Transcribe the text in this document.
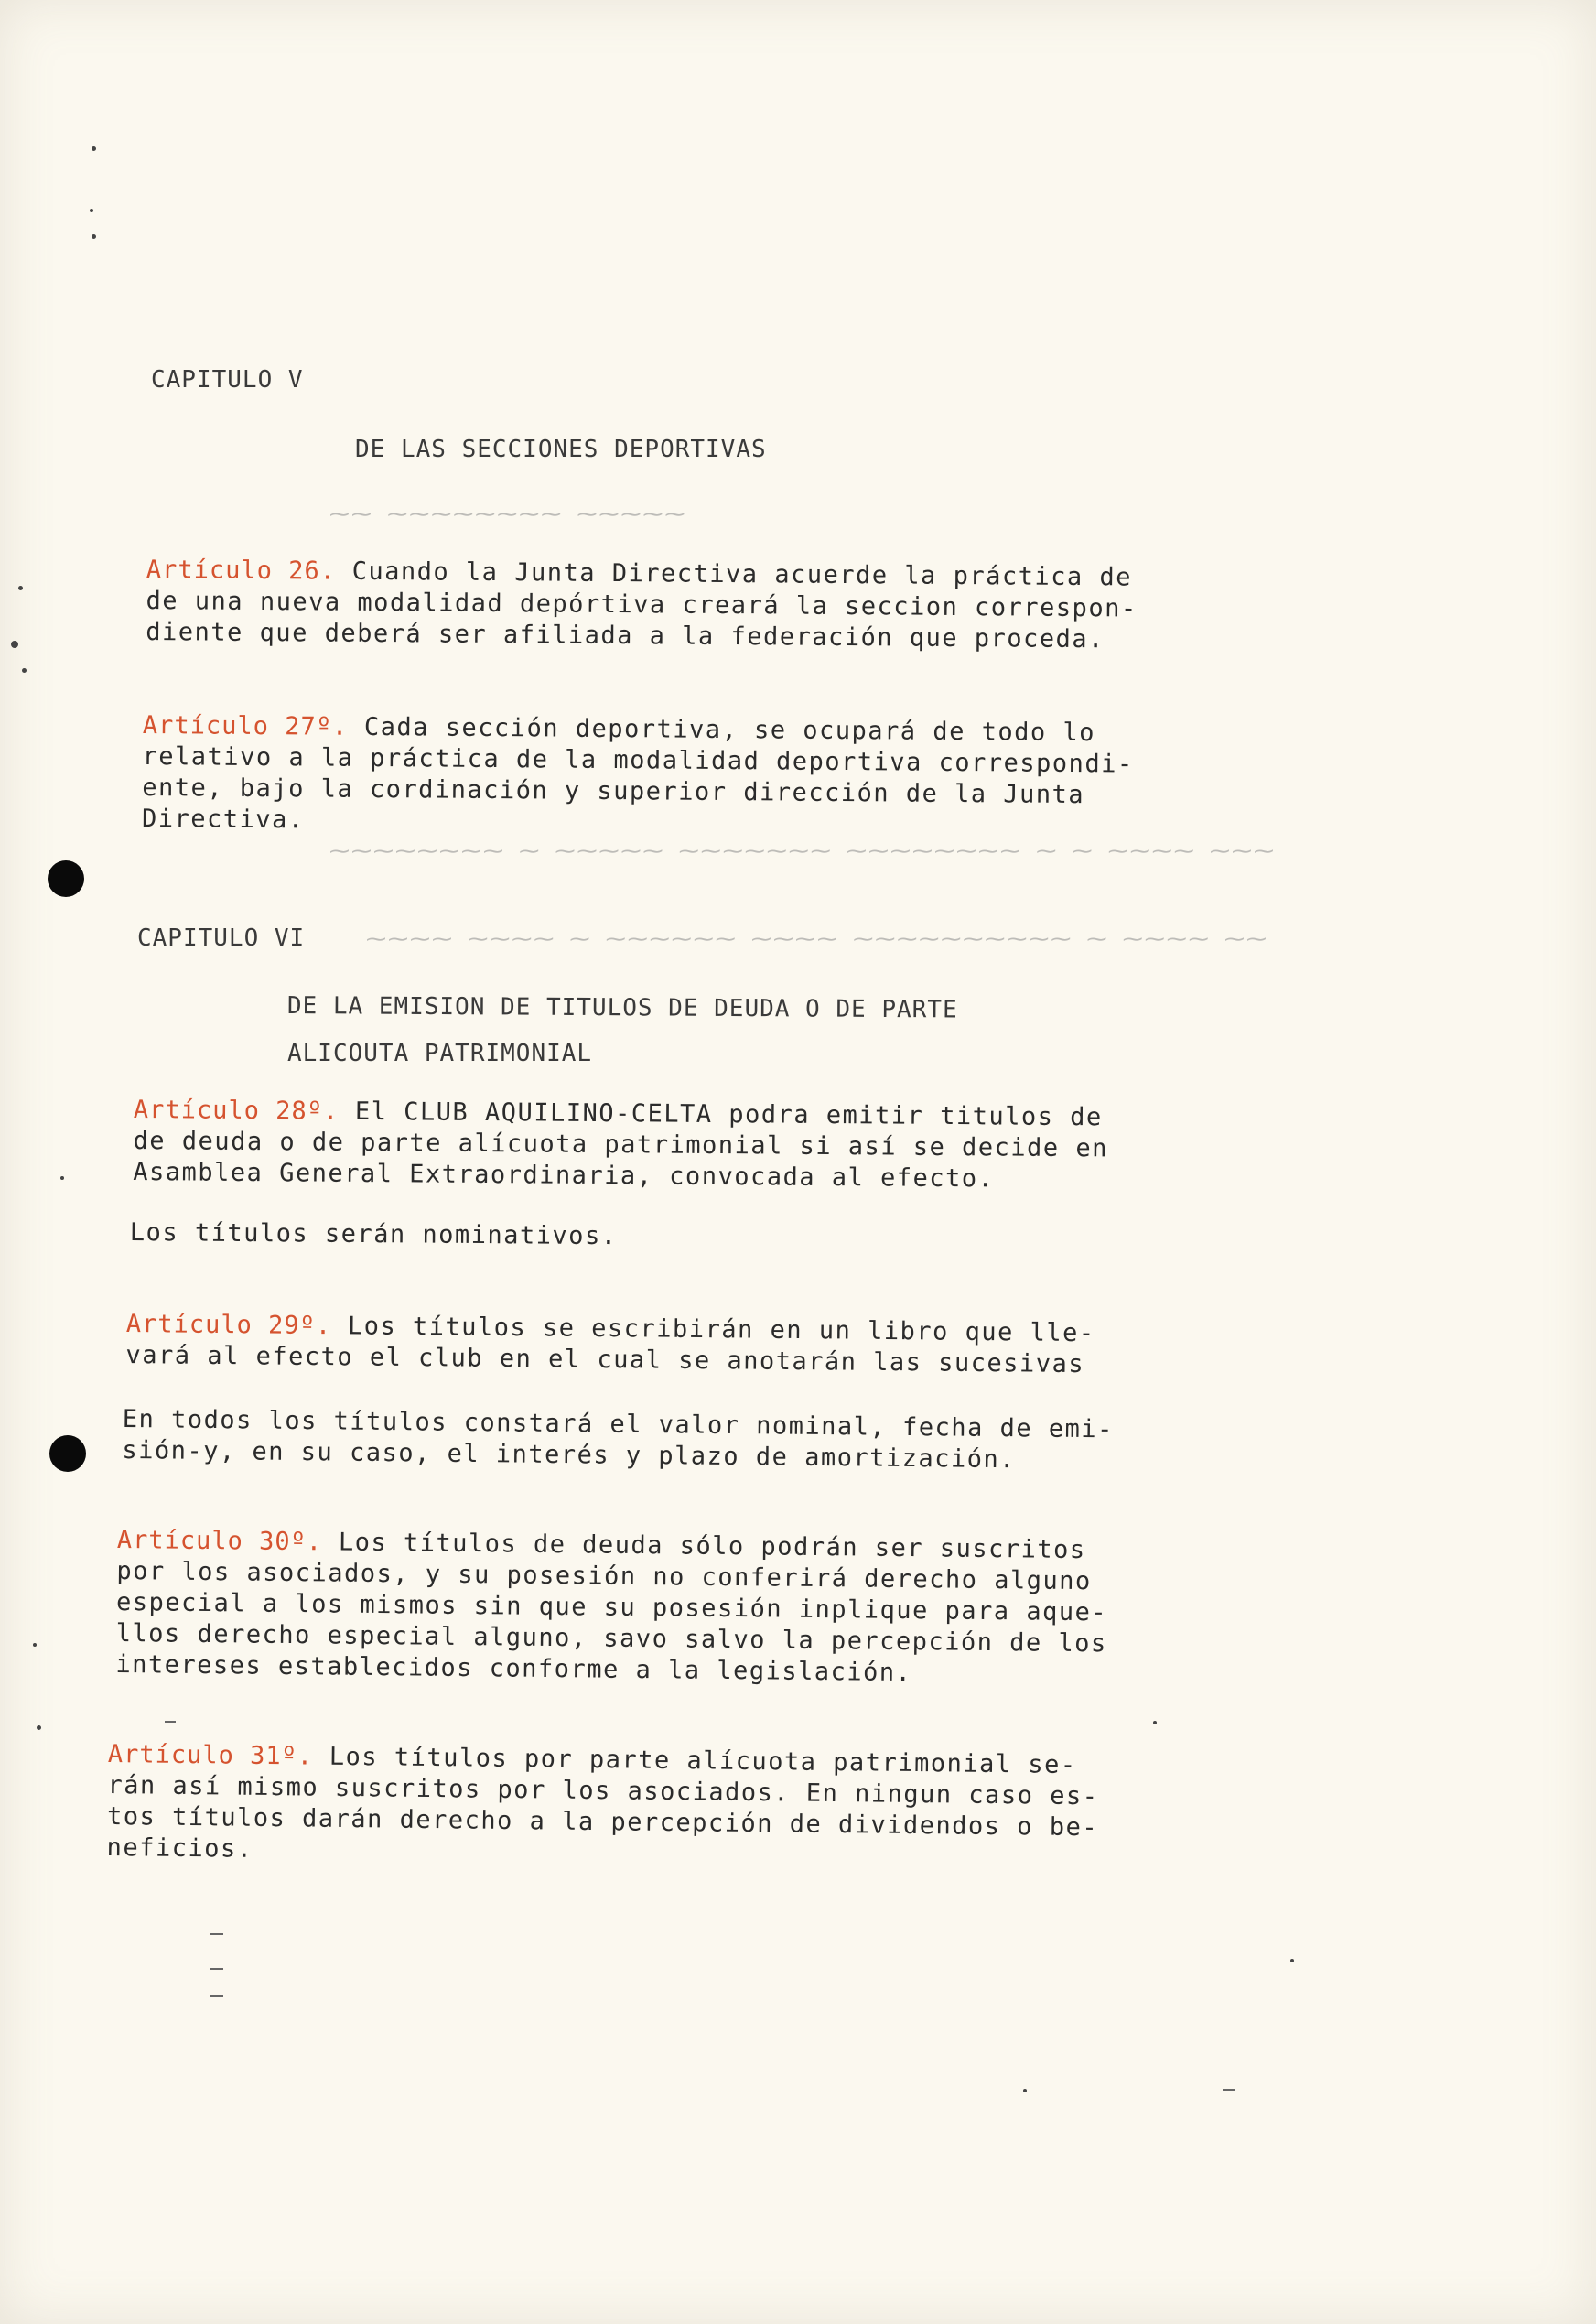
⁓⁓ ⁓⁓⁓⁓⁓⁓⁓⁓ ⁓⁓⁓⁓⁓
⁓⁓⁓⁓⁓⁓⁓⁓ ⁓ ⁓⁓⁓⁓⁓ ⁓⁓⁓⁓⁓⁓⁓ ⁓⁓⁓⁓⁓⁓⁓⁓ ⁓ ⁓ ⁓⁓⁓⁓ ⁓⁓⁓
⁓⁓⁓⁓ ⁓⁓⁓⁓ ⁓ ⁓⁓⁓⁓⁓⁓ ⁓⁓⁓⁓ ⁓⁓⁓⁓⁓⁓⁓⁓⁓⁓ ⁓ ⁓⁓⁓⁓ ⁓⁓
CAPITULO V
DE LAS SECCIONES DEPORTIVAS
Artículo 26. Cuando la Junta Directiva acuerde la práctica de
de una nueva modalidad depórtiva creará la seccion correspon-
diente que deberá ser afiliada a la federación que proceda.
Artículo 27º. Cada sección deportiva, se ocupará de todo lo
relativo a la práctica de la modalidad deportiva correspondi-
ente, bajo la cordinación y superior dirección de la Junta
Directiva.
CAPITULO VI
DE LA EMISION DE TITULOS DE DEUDA O DE PARTE
ALICOUTA PATRIMONIAL
Artículo 28º. El CLUB AQUILINO-CELTA podra emitir titulos de
de deuda o de parte alícuota patrimonial si así se decide en
Asamblea General Extraordinaria, convocada al efecto.
Los títulos serán nominativos.
Artículo 29º. Los títulos se escribirán en un libro que lle-
vará al efecto el club en el cual se anotarán las sucesivas
En todos los títulos constará el valor nominal, fecha de emi-
sión-y, en su caso, el interés y plazo de amortización.
Artículo 30º. Los títulos de deuda sólo podrán ser suscritos
por los asociados, y su posesión no conferirá derecho alguno
especial a los mismos sin que su posesión inplique para aque-
llos derecho especial alguno, savo salvo la percepción de los
intereses establecidos conforme a la legislación.
Artículo 31º. Los títulos por parte alícuota patrimonial se-
rán así mismo suscritos por los asociados. En ningun caso es-
tos títulos darán derecho a la percepción de dividendos o be-
neficios.
